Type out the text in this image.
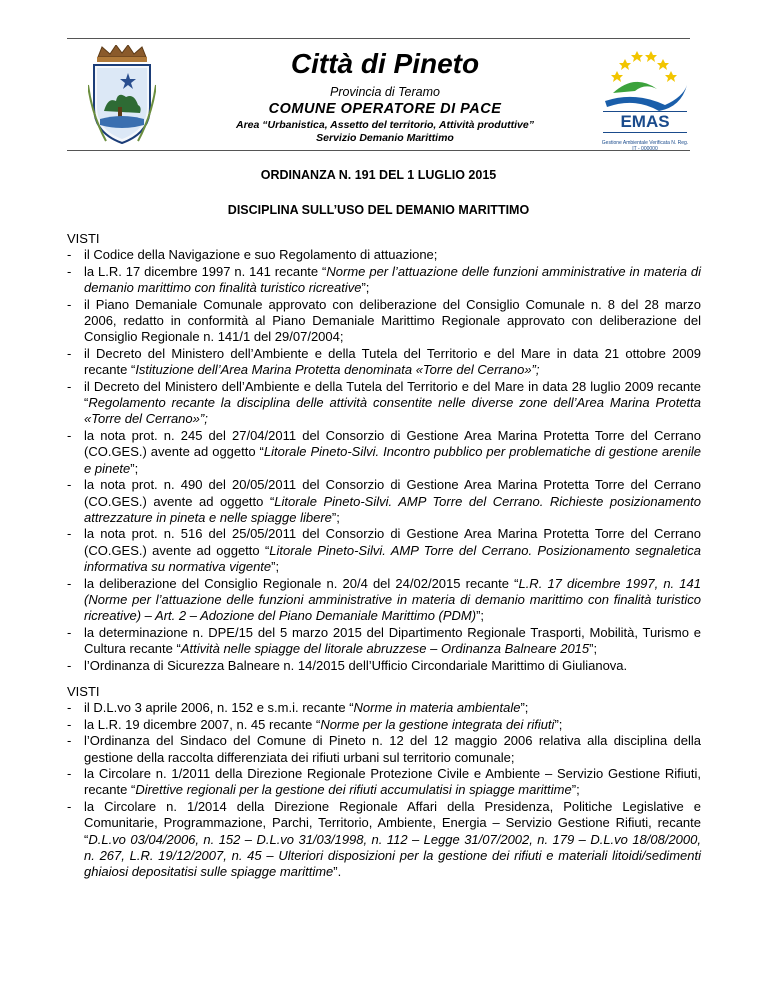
Città di Pineto
Provincia di Teramo
COMUNE OPERATORE DI PACE
Area “Urbanistica, Assetto del territorio, Attività produttive”
Servizio Demanio Marittimo
EMAS
Gestione Ambientale Verificata N. Reg. IT - 000000
ORDINANZA N. 191 DEL 1 LUGLIO 2015
DISCIPLINA SULL’USO DEL DEMANIO MARITTIMO

VISTI

- il Codice della Navigazione e suo Regolamento di attuazione;
- la L.R. 17 dicembre 1997 n. 141 recante “Norme per l’attuazione delle funzioni amministrative in materia di demanio marittimo con finalità turistico ricreative”;
- il Piano Demaniale Comunale approvato con deliberazione del Consiglio Comunale n. 8 del 28 marzo 2006, redatto in conformità al Piano Demaniale Marittimo Regionale approvato con deliberazione del Consiglio Regionale n. 141/1 del 29/07/2004;
- il Decreto del Ministero dell’Ambiente e della Tutela del Territorio e del Mare in data 21 ottobre 2009 recante “Istituzione dell’Area Marina Protetta denominata «Torre del Cerrano»”;
- il Decreto del Ministero dell’Ambiente e della Tutela del Territorio e del Mare in data 28 luglio 2009 recante “Regolamento recante la disciplina delle attività consentite nelle diverse zone dell’Area Marina Protetta «Torre del Cerrano»”;
- la nota prot. n. 245 del 27/04/2011 del Consorzio di Gestione Area Marina Protetta Torre del Cerrano (CO.GES.) avente ad oggetto “Litorale Pineto-Silvi. Incontro pubblico per problematiche di gestione arenile e pinete”;
- la nota prot. n. 490 del 20/05/2011 del Consorzio di Gestione Area Marina Protetta Torre del Cerrano (CO.GES.) avente ad oggetto “Litorale Pineto-Silvi. AMP Torre del Cerrano. Richieste posizionamento attrezzature in pineta e nelle spiagge libere”;
- la nota prot. n. 516 del 25/05/2011 del Consorzio di Gestione Area Marina Protetta Torre del Cerrano (CO.GES.) avente ad oggetto “Litorale Pineto-Silvi. AMP Torre del Cerrano. Posizionamento segnaletica informativa su normativa vigente”;
- la deliberazione del Consiglio Regionale n. 20/4 del 24/02/2015 recante “L.R. 17 dicembre 1997, n. 141 (Norme per l’attuazione delle funzioni amministrative in materia di demanio marittimo con finalità turistico ricreative) – Art. 2 – Adozione del Piano Demaniale Marittimo (PDM)”;
- la determinazione n. DPE/15 del 5 marzo 2015 del Dipartimento Regionale Trasporti, Mobilità, Turismo e Cultura recante “Attività nelle spiagge del litorale abruzzese – Ordinanza Balneare 2015”;
- l’Ordinanza di Sicurezza Balneare n. 14/2015 dell’Ufficio Circondariale Marittimo di Giulianova.

VISTI

- il D.L.vo 3 aprile 2006, n. 152 e s.m.i. recante “Norme in materia ambientale”;
- la L.R. 19 dicembre 2007, n. 45 recante “Norme per la gestione integrata dei rifiuti”;
- l’Ordinanza del Sindaco del Comune di Pineto n. 12 del 12 maggio 2006 relativa alla disciplina della gestione della raccolta differenziata dei rifiuti urbani sul territorio comunale;
- la Circolare n. 1/2011 della Direzione Regionale Protezione Civile e Ambiente – Servizio Gestione Rifiuti, recante “Direttive regionali per la gestione dei rifiuti accumulatisi in spiagge marittime”;
- la Circolare n. 1/2014 della Direzione Regionale Affari della Presidenza, Politiche Legislative e Comunitarie, Programmazione, Parchi, Territorio, Ambiente, Energia – Servizio Gestione Rifiuti, recante “D.L.vo 03/04/2006, n. 152 – D.L.vo 31/03/1998, n. 112 – Legge 31/07/2002, n. 179 – D.L.vo 18/08/2000, n. 267, L.R. 19/12/2007, n. 45 – Ulteriori disposizioni per la gestione dei rifiuti e materiali litoidi/sedimenti ghiaiosi depositatisi sulle spiagge marittime”.
